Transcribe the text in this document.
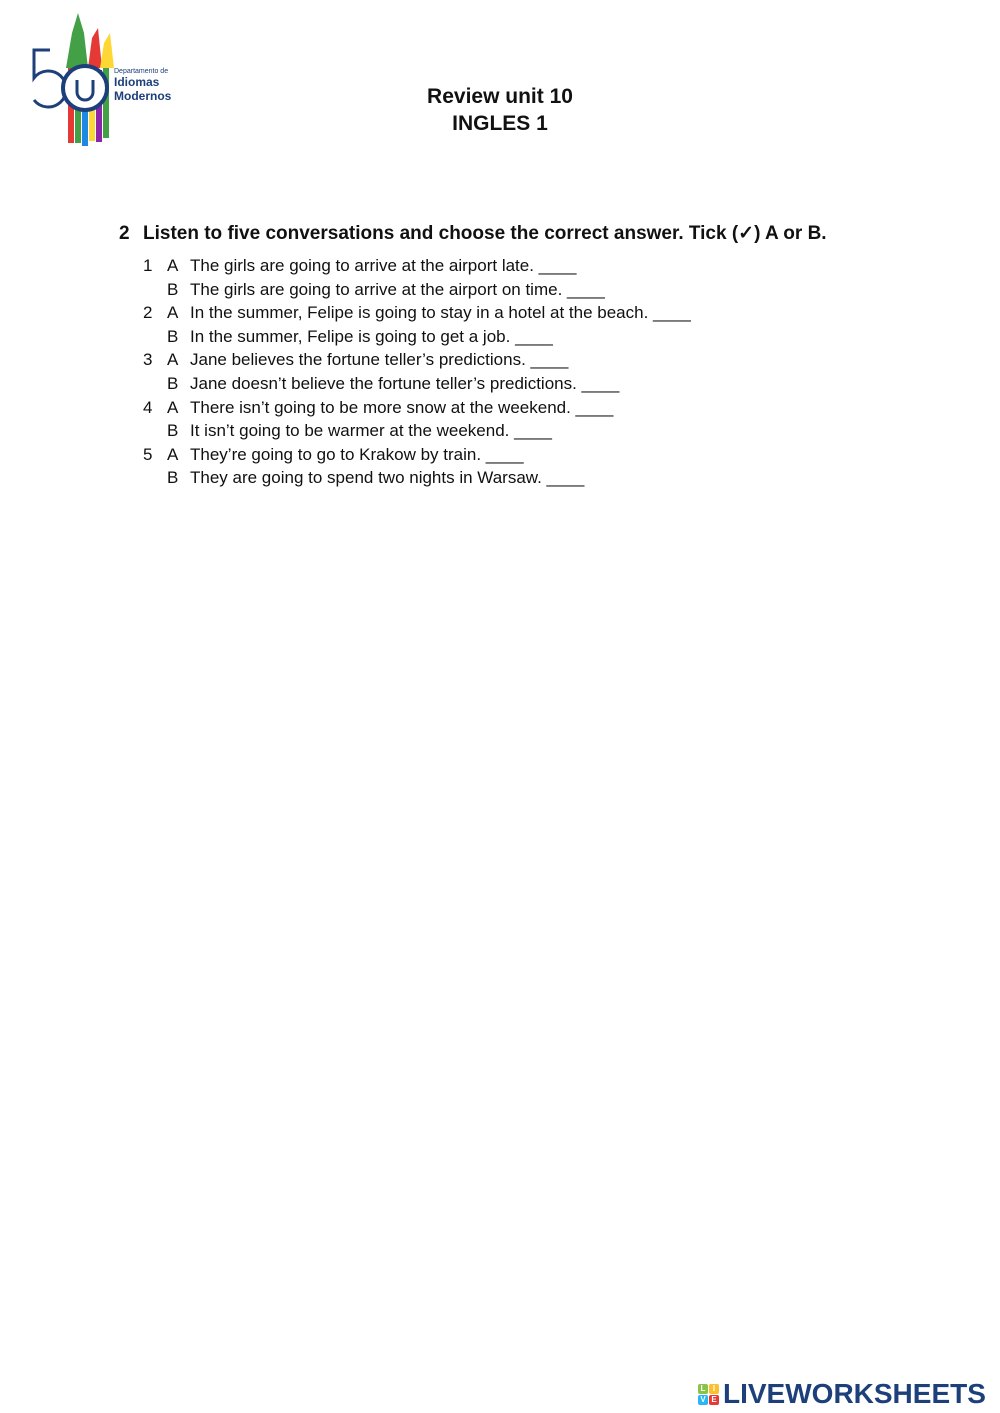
Departamento de
Idiomas
Modernos	Review unit 10
INGLES 1
2 Listen to five conversations and choose the correct answer. Tick (✓) A or B.
1 A The girls are going to arrive at the airport late. ____
B The girls are going to arrive at the airport on time. ____
2 A In the summer, Felipe is going to stay in a hotel at the beach. ____
B In the summer, Felipe is going to get a job. ____
3 A Jane believes the fortune teller’s predictions. ____
B Jane doesn’t believe the fortune teller’s predictions. ____
4 A There isn’t going to be more snow at the weekend. ____
B It isn’t going to be warmer at the weekend. ____
5 A They’re going to go to Krakow by train. ____
B They are going to spend two nights in Warsaw. ____
L I
V E LIVEWORKSHEETS
